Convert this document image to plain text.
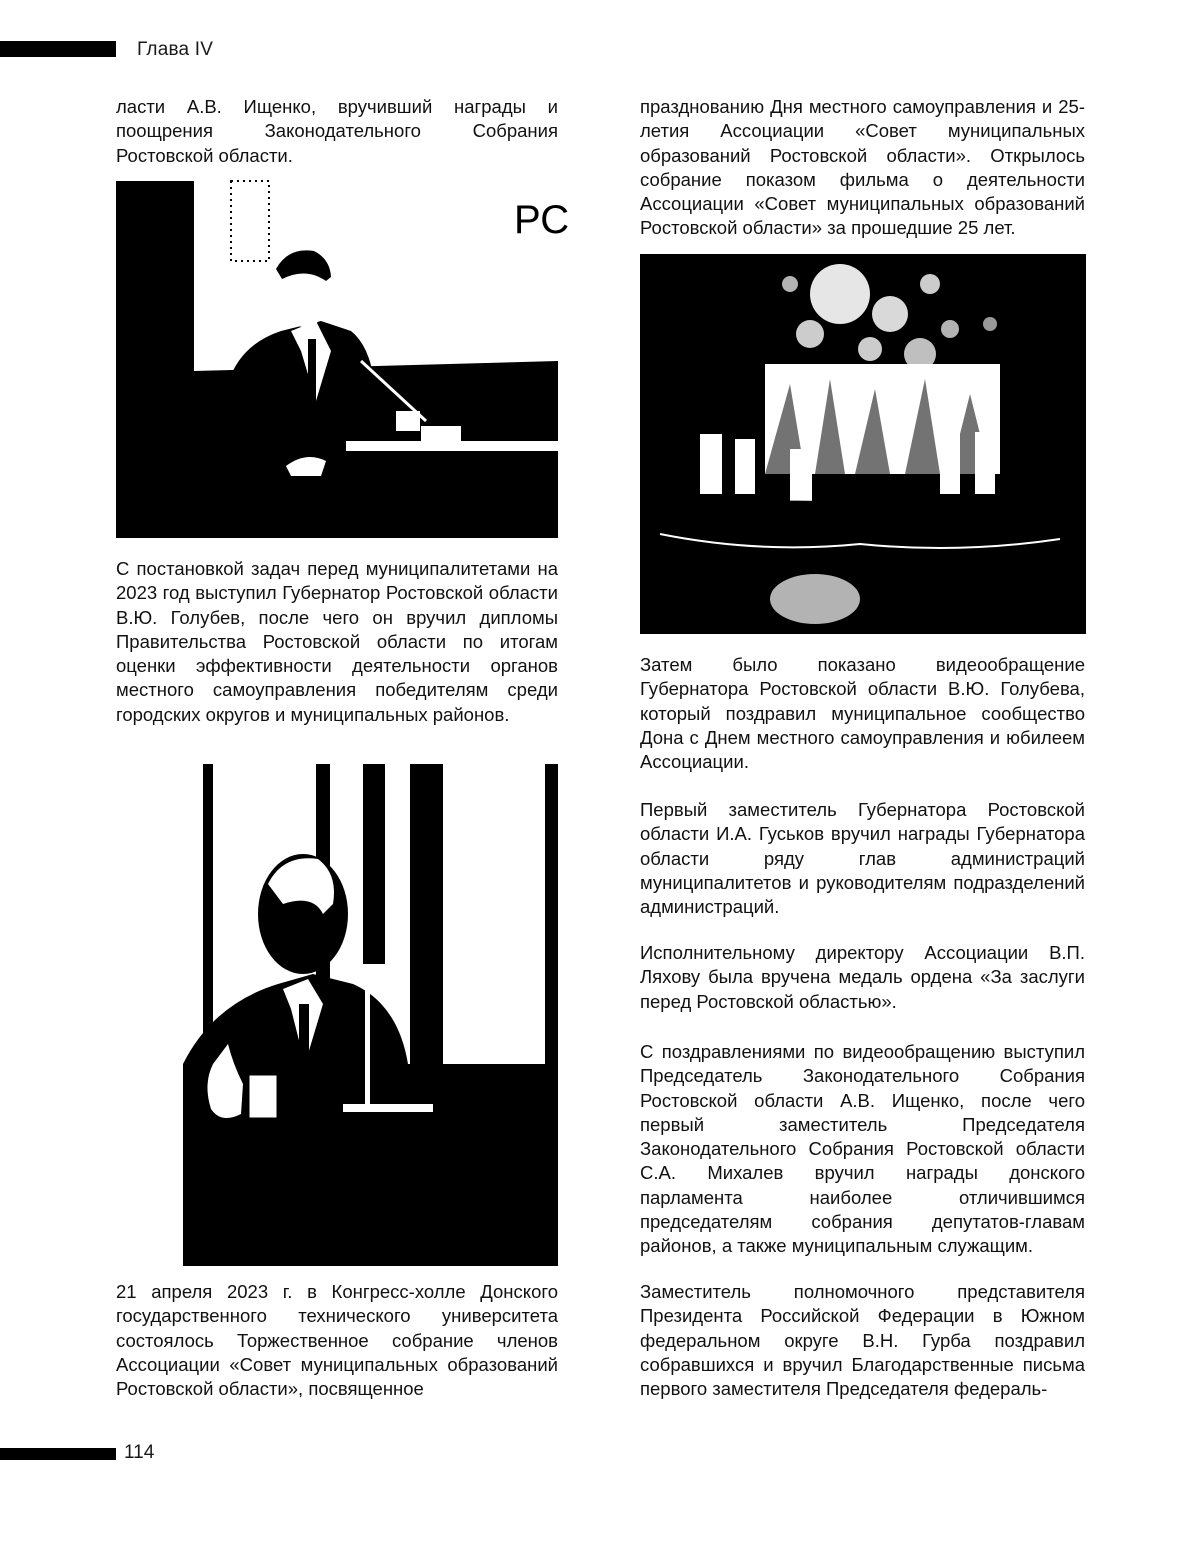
Глава IV

ласти А.В. Ищенко, вручивший награды и поощрения Законодательного Собрания Ростовской области.

РС

С постановкой задач перед муниципалитетами на 2023 год выступил Губернатор Ростовской области В.Ю. Голубев, после чего он вручил дипломы Правительства Ростовской области по итогам оценки эффективности деятельности органов местного самоуправления победителям среди городских округов и муниципальных районов.

21 апреля 2023 г. в Конгресс-холле Донского государственного технического университета состоялось Торжественное собрание членов Ассоциации «Совет муниципальных образований Ростовской области», посвященное

празднованию Дня местного самоуправления и 25-летия Ассоциации «Совет муниципальных образований Ростовской области». Открылось собрание показом фильма о деятельности Ассоциации «Совет муниципальных образований Ростовской области» за прошедшие 25 лет.

Затем было показано видеообращение Губернатора Ростовской области В.Ю. Голубева, который поздравил муниципальное сообщество Дона с Днем местного самоуправления и юбилеем Ассоциации.

Первый заместитель Губернатора Ростовской области И.А. Гуськов вручил награды Губернатора области ряду глав администраций муниципалитетов и руководителям подразделений администраций.

Исполнительному директору Ассоциации В.П. Ляхову была вручена медаль ордена «За заслуги перед Ростовской областью».

С поздравлениями по видеообращению выступил Председатель Законодательного Собрания Ростовской области А.В. Ищенко, после чего первый заместитель Председателя Законодательного Собрания Ростовской области С.А. Михалев вручил награды донского парламента наиболее отличившимся председателям собрания депутатов-главам районов, а также муниципальным служащим.

Заместитель полномочного представителя Президента Российской Федерации в Южном федеральном округе В.Н. Гурба поздравил собравшихся и вручил Благодарственные письма первого заместителя Председателя федераль-

114
